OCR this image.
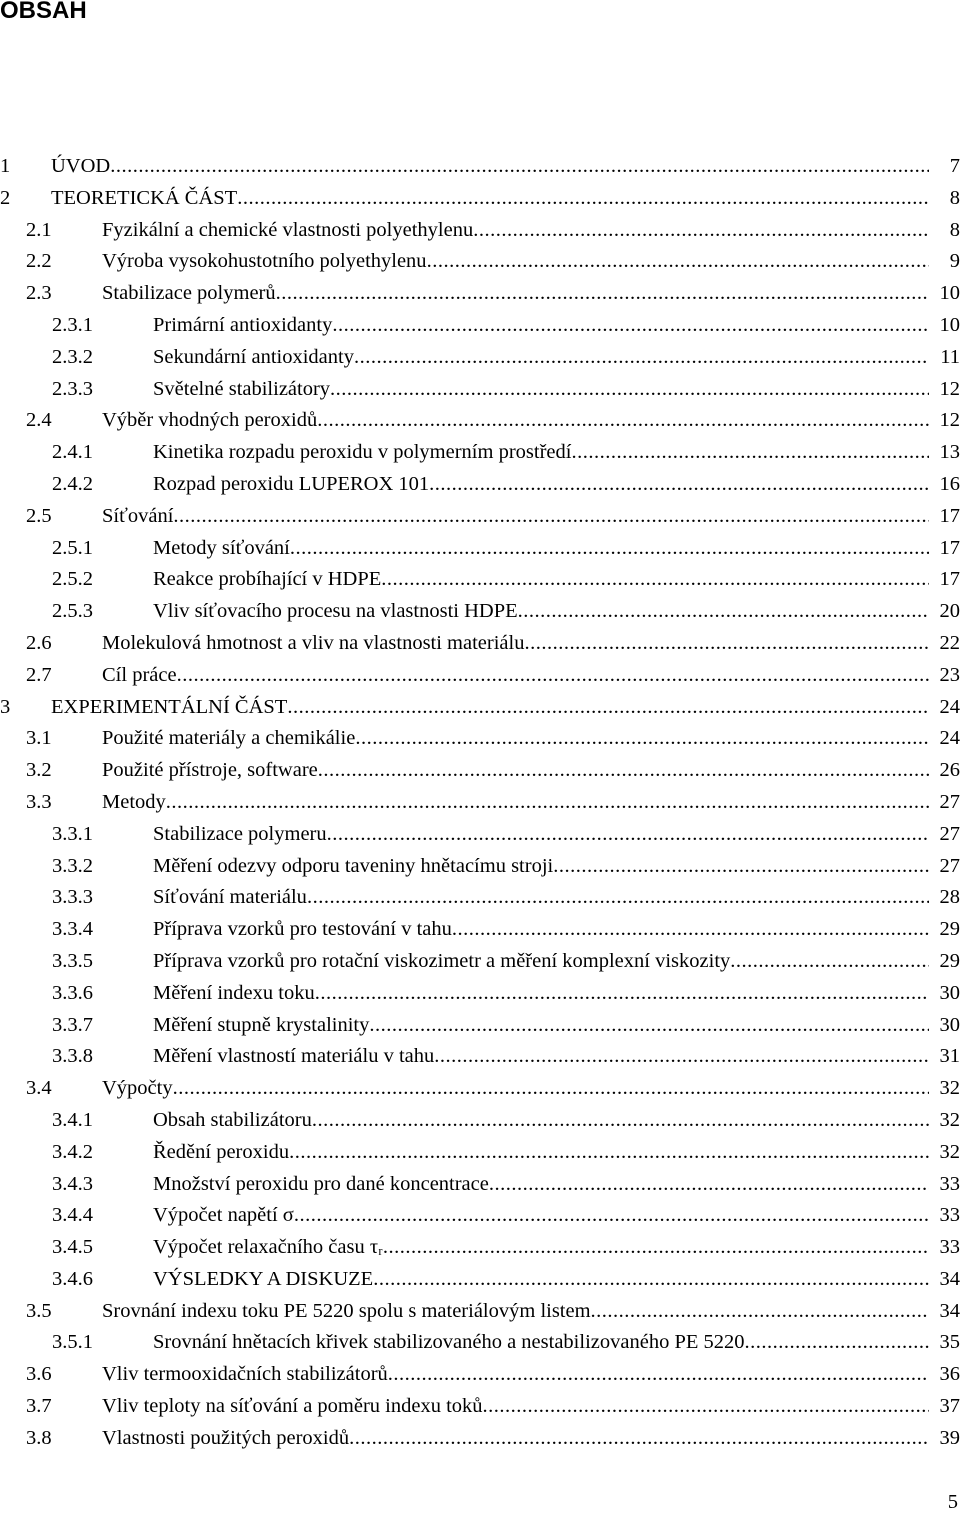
OBSAH
1 ÚVOD .....	7
2 TEORETICKÁ ČÁST .....	8
2.1 Fyzikální a chemické vlastnosti polyethylenu .....	8
2.2 Výroba vysokohustotního polyethylenu .....	9
2.3 Stabilizace polymerů .....	10
2.3.1	Primární antioxidanty .....	10
2.3.2	Sekundární antioxidanty .....	11
2.3.3	Světelné stabilizátory .....	12
2.4 Výběr vhodných peroxidů .....	12
2.4.1	Kinetika rozpadu peroxidu v polymerním prostředí .....	13
2.4.2	Rozpad peroxidu LUPEROX 101 .....	16
2.5 Síťování .....	17
2.5.1	Metody síťování .....	17
2.5.2	Reakce probíhající v HDPE .....	17
2.5.3	Vliv síťovacího procesu na vlastnosti HDPE .....	20
2.6 Molekulová hmotnost a vliv na vlastnosti materiálu .....	22
2.7 Cíl práce .....	23
3 EXPERIMENTÁLNÍ ČÁST .....	24
3.1 Použité materiály a chemikálie .....	24
3.2 Použité přístroje, software .....	26
3.3 Metody .....	27
3.3.1	Stabilizace polymeru .....	27
3.3.2	Měření odezvy odporu taveniny hnětacímu stroji .....	27
3.3.3	Síťování materiálu .....	28
3.3.4	Příprava vzorků pro testování v tahu .....	29
3.3.5	Příprava vzorků pro rotační viskozimetr a měření komplexní viskozity .....	29
3.3.6	Měření indexu toku .....	30
3.3.7	Měření stupně krystalinity .....	30
3.3.8	Měření vlastností materiálu v tahu .....	31
3.4 Výpočty .....	32
3.4.1	Obsah stabilizátoru .....	32
3.4.2	Ředění peroxidu .....	32
3.4.3	Množství peroxidu pro dané koncentrace .....	33
3.4.4	Výpočet napětí σ .....	33
3.4.5	Výpočet relaxačního času τᵣ .....	33
3.4.6	VÝSLEDKY A DISKUZE .....	34
3.5 Srovnání indexu toku PE 5220 spolu s materiálovým listem .....	34
3.5.1	Srovnání hnětacích křivek stabilizovaného a nestabilizovaného PE 5220 .....	35
3.6 Vliv termooxidačních stabilizátorů .....	36
3.7 Vliv teploty na síťování a poměru indexu toků .....	37
3.8 Vlastnosti použitých peroxidů .....	39

5
